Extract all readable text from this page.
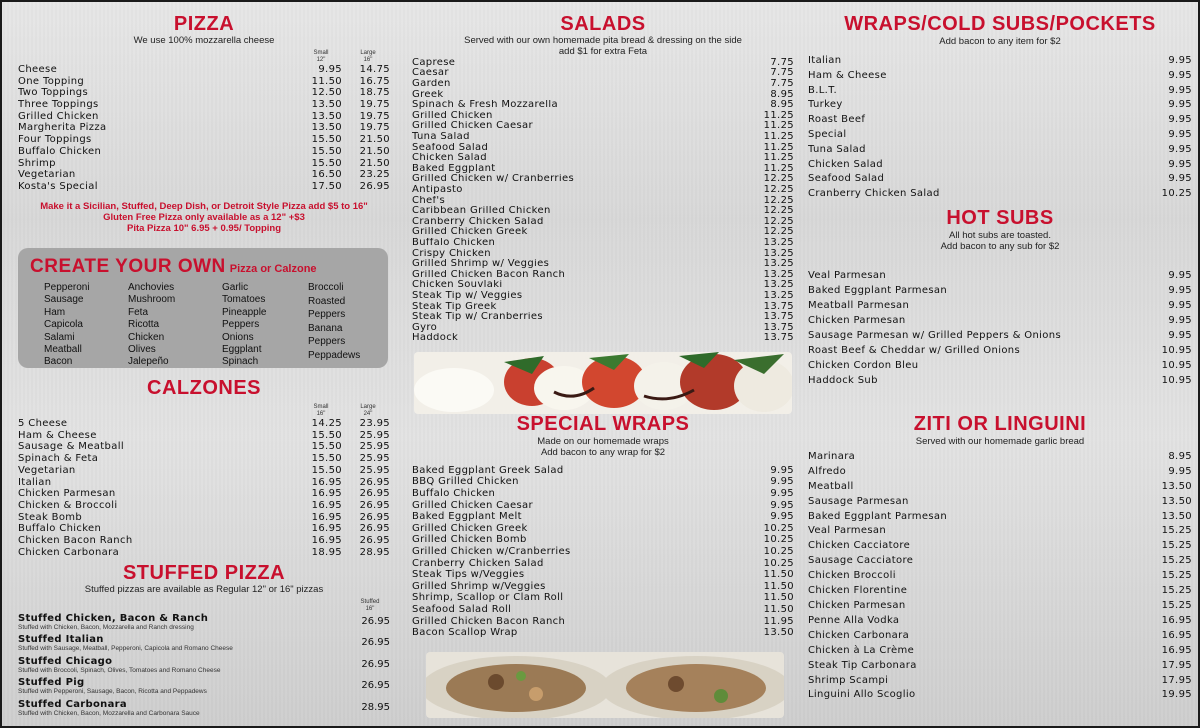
PIZZA
We use 100% mozzarella cheese
Small
12"
Large
16"
Cheese	9.95	14.75
One Topping	11.50	16.75
Two Toppings	12.50	18.75
Three Toppings	13.50	19.75
Grilled Chicken	13.50	19.75
Margherita Pizza	13.50	19.75
Four Toppings	15.50	21.50
Buffalo Chicken	15.50	21.50
Shrimp	15.50	21.50
Vegetarian	16.50	23.25
Kosta's Special	17.50	26.95
Make it a Sicilian, Stuffed, Deep Dish, or Detroit Style Pizza add $5 to 16"
Gluten Free Pizza only available as a 12" +$3
Pita Pizza 10" 6.95 + 0.95/ Topping
CREATE YOUR OWN Pizza or Calzone
Pepperoni
Sausage
Ham
Capicola
Salami
Meatball
Bacon
Anchovies
Mushroom
Feta
Ricotta
Chicken
Olives
Jalepeño
Garlic
Tomatoes
Pineapple
Peppers
Onions
Eggplant
Spinach
Broccoli
Roasted
Peppers
Banana
Peppers
Peppadews
CALZONES
Small
16"
Large
24"
5 Cheese	14.25	23.95
Ham & Cheese	15.50	25.95
Sausage & Meatball	15.50	25.95
Spinach & Feta	15.50	25.95
Vegetarian	15.50	25.95
Italian	16.95	26.95
Chicken Parmesan	16.95	26.95
Chicken & Broccoli	16.95	26.95
Steak Bomb	16.95	26.95
Buffalo Chicken	16.95	26.95
Chicken Bacon Ranch	16.95	26.95
Chicken Carbonara	18.95	28.95
STUFFED PIZZA
Stuffed pizzas are available as Regular 12" or 16" pizzas
Stuffed
16"
Stuffed Chicken, Bacon & Ranch
Stuffed with Chicken, Bacon, Mozzarella and Ranch dressing
26.95
Stuffed Italian
Stuffed with Sausage, Meatball, Pepperoni, Capicola and Romano Cheese
26.95
Stuffed Chicago
Stuffed with Broccoli, Spinach, Olives, Tomatoes and Romano Cheese
26.95
Stuffed Pig
Stuffed with Pepperoni, Sausage, Bacon, Ricotta and Peppadews
26.95
Stuffed Carbonara
Stuffed with Chicken, Bacon, Mozzarella and Carbonara Sauce
28.95
SALADS
Served with our own homemade pita bread & dressing on the side
add $1 for extra Feta
Caprese	7.75
Caesar	7.75
Garden	7.75
Greek	8.95
Spinach & Fresh Mozzarella	8.95
Grilled Chicken	11.25
Grilled Chicken Caesar	11.25
Tuna Salad	11.25
Seafood Salad	11.25
Chicken Salad	11.25
Baked Eggplant	11.25
Grilled Chicken w/ Cranberries	12.25
Antipasto	12.25
Chef's	12.25
Caribbean Grilled Chicken	12.25
Cranberry Chicken Salad	12.25
Grilled Chicken Greek	12.25
Buffalo Chicken	13.25
Crispy Chicken	13.25
Grilled Shrimp w/ Veggies	13.25
Grilled Chicken Bacon Ranch	13.25
Chicken Souvlaki	13.25
Steak Tip w/ Veggies	13.25
Steak Tip Greek	13.75
Steak Tip w/ Cranberries	13.75
Gyro	13.75
Haddock	13.75
SPECIAL WRAPS
Made on our homemade wraps
Add bacon to any wrap for $2
Baked Eggplant Greek Salad	9.95
BBQ Grilled Chicken	9.95
Buffalo Chicken	9.95
Grilled Chicken Caesar	9.95
Baked Eggplant Melt	9.95
Grilled Chicken Greek	10.25
Grilled Chicken Bomb	10.25
Grilled Chicken w/Cranberries	10.25
Cranberry Chicken Salad	10.25
Steak Tips w/Veggies	11.50
Grilled Shrimp w/Veggies	11.50
Shrimp, Scallop or Clam Roll	11.50
Seafood Salad Roll	11.50
Grilled Chicken Bacon Ranch	11.95
Bacon Scallop Wrap	13.50
WRAPS/COLD SUBS/POCKETS
Add bacon to any item for $2
Italian	9.95
Ham & Cheese	9.95
B.L.T.	9.95
Turkey	9.95
Roast Beef	9.95
Special	9.95
Tuna Salad	9.95
Chicken Salad	9.95
Seafood Salad	9.95
Cranberry Chicken Salad	10.25
HOT SUBS
All hot subs are toasted.
Add bacon to any sub for $2
Veal Parmesan	9.95
Baked Eggplant Parmesan	9.95
Meatball Parmesan	9.95
Chicken Parmesan	9.95
Sausage Parmesan w/ Grilled Peppers & Onions	9.95
Roast Beef & Cheddar w/ Grilled Onions	10.95
Chicken Cordon Bleu	10.95
Haddock Sub	10.95
ZITI OR LINGUINI
Served with our homemade garlic bread
Marinara	8.95
Alfredo	9.95
Meatball	13.50
Sausage Parmesan	13.50
Baked Eggplant Parmesan	13.50
Veal Parmesan	15.25
Chicken Cacciatore	15.25
Sausage Cacciatore	15.25
Chicken Broccoli	15.25
Chicken Florentine	15.25
Chicken Parmesan	15.25
Penne Alla Vodka	16.95
Chicken Carbonara	16.95
Chicken à La Crème	16.95
Steak Tip Carbonara	17.95
Shrimp Scampi	17.95
Linguini Allo Scoglio	19.95
